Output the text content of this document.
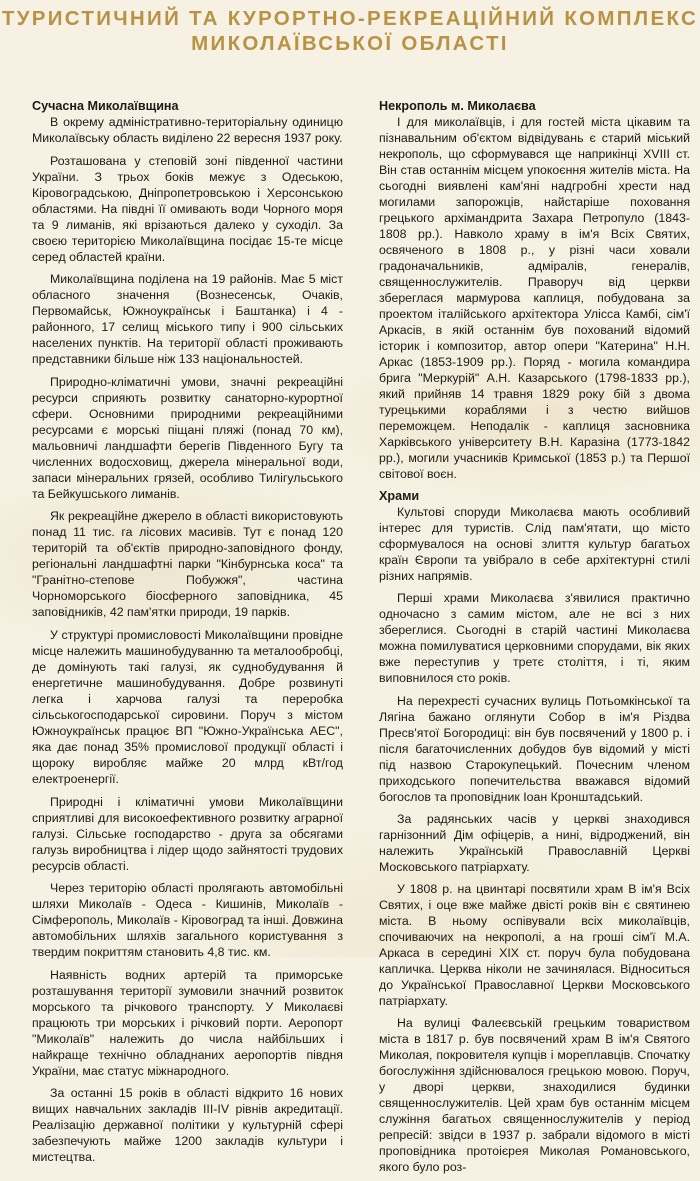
ТУРИСТИЧНИЙ ТА КУРОРТНО-РЕКРЕАЦІЙНИЙ КОМПЛЕКС
МИКОЛАЇВСЬКОЇ ОБЛАСТІ

Сучасна Миколаївщина

В окрему адміністративно-територіальну одиницю Миколаївську область виділено 22 вересня 1937 року.

Розташована у степовій зоні південної частини України. З трьох боків межує з Одеською, Кіровоградською, Дніпропетровською і Херсонською областями. На півдні її омивають води Чорного моря та 9 лиманів, які врізаються далеко у суходіл. За своєю територією Миколаївщина посідає 15-те місце серед областей країни.

Миколаївщина поділена на 19 районів. Має 5 міст обласного значення (Вознесенськ, Очаків, Первомайськ, Южноукраїнськ і Баштанка) і 4 - районного, 17 селищ міського типу і 900 сільських населених пунктів. На території області проживають представники більше ніж 133 національностей.

Природно-кліматичні умови, значні рекреаційні ресурси сприяють розвитку санаторно-курортної сфери. Основними природними рекреаційними ресурсами є морські піщані пляжі (понад 70 км), мальовничі ландшафти берегів Південного Бугу та численних водосховищ, джерела мінеральної води, запаси мінеральних грязей, особливо Тилігульського та Бейкушського лиманів.

Як рекреаційне джерело в області використовують понад 11 тис. га лісових масивів. Тут є понад 120 територій та об'єктів природно-заповідного фонду, регіональні ландшафтні парки "Кінбурнська коса" та "Гранітно-степове Побужжя", частина Чорноморського біосферного заповідника, 45 заповідників, 42 пам'ятки природи, 19 парків.

У структурі промисловості Миколаївщини провідне місце належить машинобудуванню та металообробці, де домінують такі галузі, як суднобудування й енергетичне машинобудування. Добре розвинуті легка і харчова галузі та переробка сільськогосподарської сировини. Поруч з містом Южноукраїнськ працює ВП "Южно-Українська АЕС", яка дає понад 35% промислової продукції області і щороку виробляє майже 20 млрд кВт/год електроенергії.

Природні і кліматичні умови Миколаївщини сприятливі для високоефективного розвитку аграрної галузі. Сільське господарство - друга за обсягами галузь виробництва і лідер щодо зайнятості трудових ресурсів області.

Через територію області пролягають автомобільні шляхи Миколаїв - Одеса - Кишинів, Миколаїв - Сімферополь, Миколаїв - Кіровоград та інші. Довжина автомобільних шляхів загального користування з твердим покриттям становить 4,8 тис. км.

Наявність водних артерій та приморське розташування території зумовили значний розвиток морського та річкового транспорту. У Миколаєві працюють три морських і річковий порти. Аеропорт "Миколаїв" належить до числа найбільших і найкраще технічно обладнаних аеропортів півдня України, має статус міжнародного.

За останні 15 років в області відкрито 16 нових вищих навчальних закладів III-IV рівнів акредитації. Реалізацію державної політики у культурній сфері забезпечують майже 1200 закладів культури і мистецтва.

Некрополь м. Миколаєва

І для миколаївців, і для гостей міста цікавим та пізнавальним об'єктом відвідувань є старий міський некрополь, що сформувався ще наприкінці XVIII ст. Він став останнім місцем упокоєння жителів міста. На сьогодні виявлені кам'яні надгробні хрести над могилами запорожців, найстаріше поховання грецького архімандрита Захара Петропуло (1843-1808 рр.). Навколо храму в ім'я Всіх Святих, освяченого в 1808 р., у різні часи ховали градоначальників, адміралів, генералів, священнослужителів. Праворуч від церкви збереглася мармурова каплиця, побудована за проектом італійського архітектора Улісса Камбі, сім'ї Аркасів, в якій останнім був похований відомий історик і композитор, автор опери "Катерина" Н.Н. Аркас (1853-1909 рр.). Поряд - могила командира брига "Меркурій" А.Н. Казарського (1798-1833 рр.), який прийняв 14 травня 1829 року бій з двома турецькими кораблями і з честю вийшов переможцем. Неподалік - каплиця засновника Харківського університету В.Н. Каразіна (1773-1842 рр.), могили учасників Кримської (1853 р.) та Першої світової воєн.

Храми

Культові споруди Миколаєва мають особливий інтерес для туристів. Слід пам'ятати, що місто сформувалося на основі злиття культур багатьох країн Європи та увібрало в себе архітектурні стилі різних напрямів.

Перші храми Миколаєва з'явилися практично одночасно з самим містом, але не всі з них збереглися. Сьогодні в старій частині Миколаєва можна помилуватися церковними спорудами, вік яких вже переступив у третє століття, і ті, яким виповнилося сто років.

На перехресті сучасних вулиць Потьомкінської та Лягіна бажано оглянути Собор в ім'я Різдва Пресв'ятої Богородиці: він був посвячений у 1800 р. і після багаточисленних добудов був відомий у місті під назвою Старокупецький. Почесним членом приходського попечительства вважався відомий богослов та проповідник Іоан Кронштадський.

За радянських часів у церкві знаходився гарнізонний Дім офіцерів, а нині, відроджений, він належить Українській Православній Церкві Московського патріархату.

У 1808 р. на цвинтарі посвятили храм В ім'я Всіх Святих, і оце вже майже двісті років він є святинею міста. В ньому оспівували всіх миколаївців, спочиваючих на некрополі, а на гроші сім'ї М.А. Аркаса в середині XIX ст. поруч була побудована капличка. Церква ніколи не зачинялася. Відноситься до Української Православної Церкви Московського патріархату.

На вулиці Фалеєвській грецьким товариством міста в 1817 р. був посвячений храм В ім'я Святого Миколая, покровителя купців і мореплавців. Спочатку богослужіння здійснювалося грецькою мовою. Поруч, у дворі церкви, знаходилися будинки священнослужителів. Цей храм був останнім місцем служіння багатьох священнослужителів у період репресій: звідси в 1937 р. забрали відомого в місті проповідника протоієрея Миколая Романовського, якого було роз-
